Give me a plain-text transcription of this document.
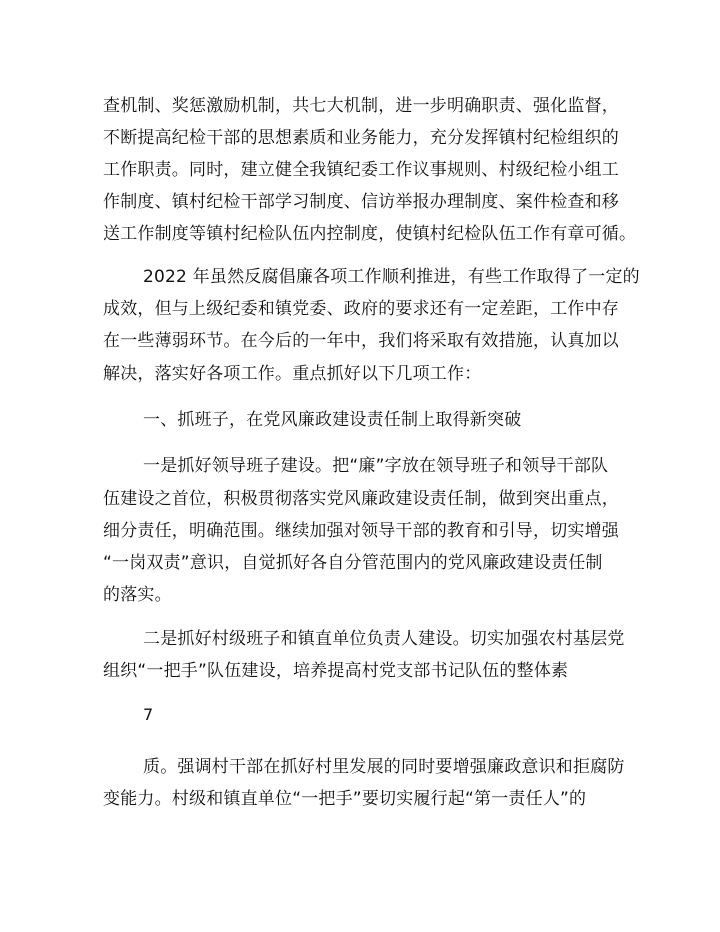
查机制、奖惩激励机制，共七大机制，进一步明确职责、强化监督，
不断提高纪检干部的思想素质和业务能力，充分发挥镇村纪检组织的
工作职责。同时，建立健全我镇纪委工作议事规则、村级纪检小组工
作制度、镇村纪检干部学习制度、信访举报办理制度、案件检查和移
送工作制度等镇村纪检队伍内控制度，使镇村纪检队伍工作有章可循。
2022 年虽然反腐倡廉各项工作顺利推进，有些工作取得了一定的
成效，但与上级纪委和镇党委、政府的要求还有一定差距，工作中存
在一些薄弱环节。在今后的一年中，我们将采取有效措施，认真加以
解决，落实好各项工作。重点抓好以下几项工作：
一、抓班子，在党风廉政建设责任制上取得新突破
一是抓好领导班子建设。把“廉”字放在领导班子和领导干部队
伍建设之首位，积极贯彻落实党风廉政建设责任制，做到突出重点，
细分责任，明确范围。继续加强对领导干部的教育和引导，切实增强
“一岗双责”意识，自觉抓好各自分管范围内的党风廉政建设责任制
的落实。
二是抓好村级班子和镇直单位负责人建设。切实加强农村基层党
组织“一把手”队伍建设，培养提高村党支部书记队伍的整体素
7
质。强调村干部在抓好村里发展的同时要增强廉政意识和拒腐防
变能力。村级和镇直单位“一把手”要切实履行起“第一责任人”的
